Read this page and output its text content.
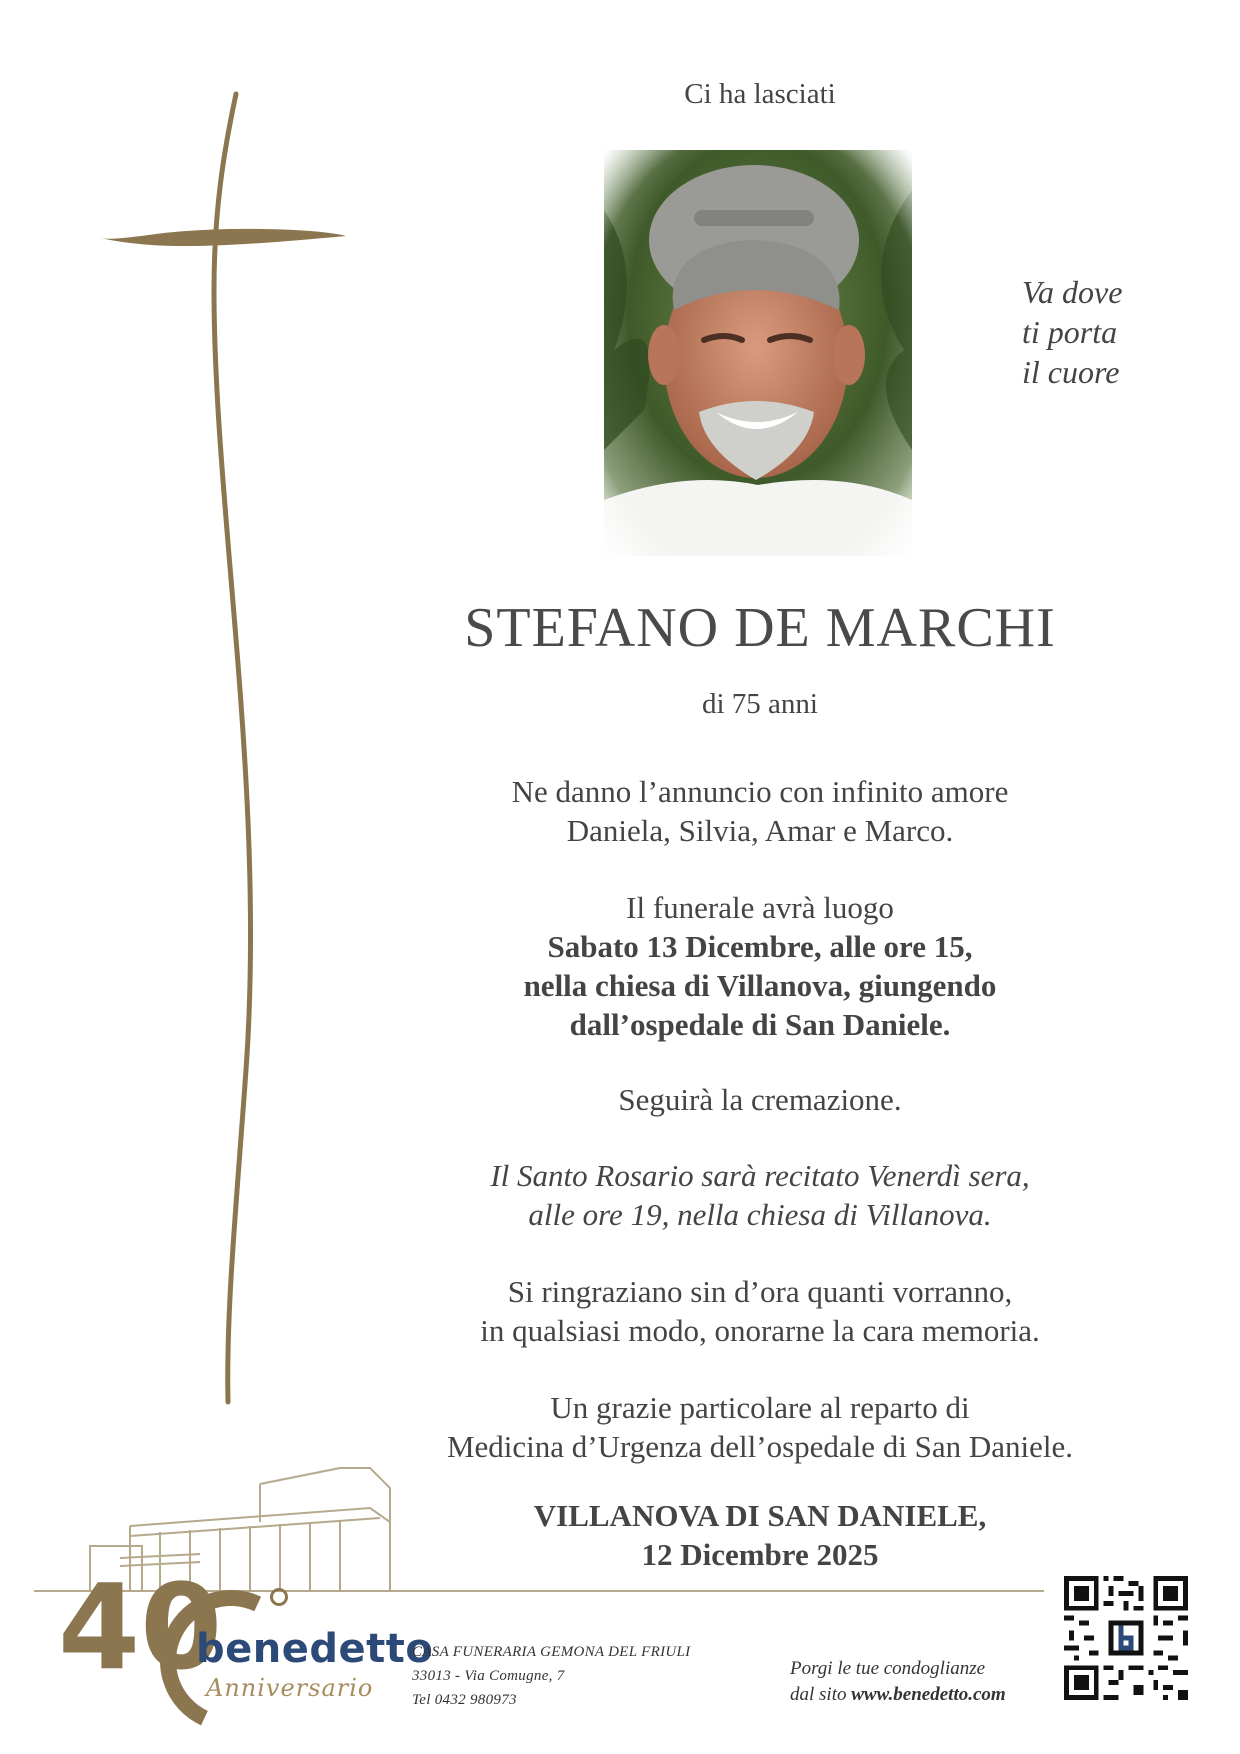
Ci ha lasciati
Va dove
ti porta
il cuore
STEFANO DE MARCHI
di 75 anni
Ne danno l’annuncio con infinito amore
Daniela, Silvia, Amar e Marco.
Il funerale avrà luogo
Sabato 13 Dicembre, alle ore 15,
nella chiesa di Villanova, giungendo
dall’ospedale di San Daniele.
Seguirà la cremazione.
Il Santo Rosario sarà recitato Venerdì sera,
alle ore 19, nella chiesa di Villanova.
Si ringraziano sin d’ora quanti vorranno,
in qualsiasi modo, onorarne la cara memoria.
Un grazie particolare al reparto di
Medicina d’Urgenza dell’ospedale di San Daniele.
VILLANOVA DI SAN DANIELE,
12 Dicembre 2025
40
benedetto
Anniversario
CASA FUNERARIA GEMONA DEL FRIULI
33013 - Via Comugne, 7
Tel 0432 980973
Porgi le tue condoglianze
dal sito www.benedetto.com
